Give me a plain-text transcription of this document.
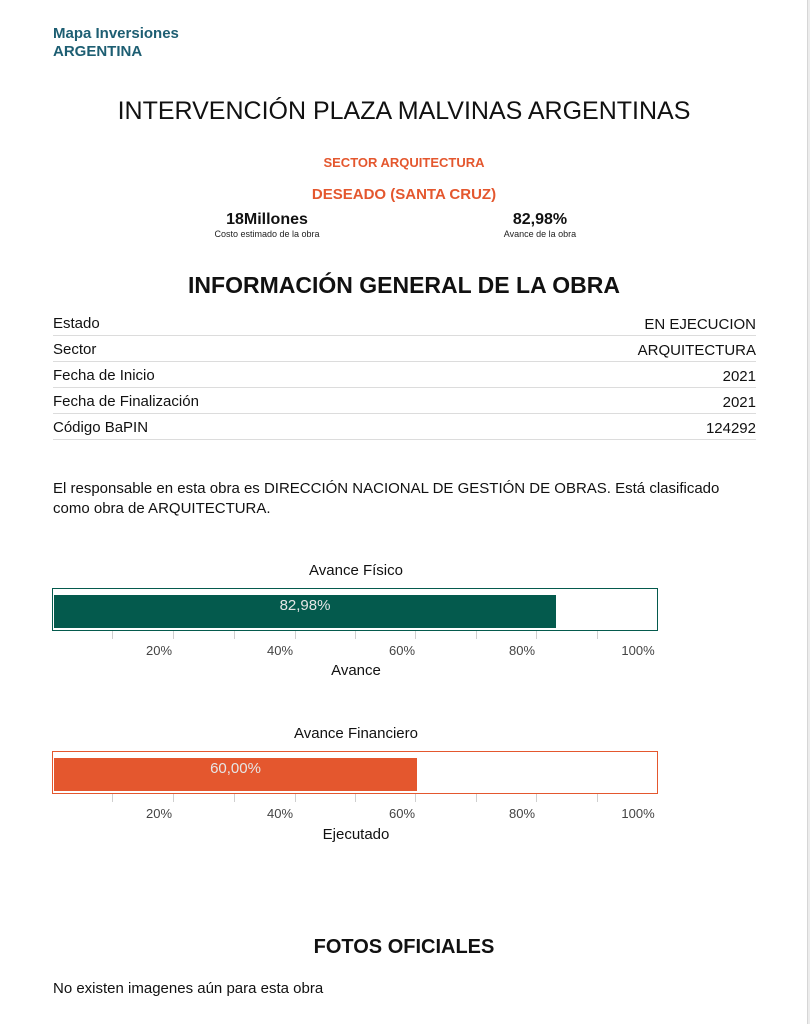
Mapa Inversiones
ARGENTINA
INTERVENCIÓN PLAZA MALVINAS ARGENTINAS
SECTOR ARQUITECTURA
DESEADO (SANTA CRUZ)
18Millones
Costo estimado de la obra
82,98%
Avance de la obra
INFORMACIÓN GENERAL DE LA OBRA
Estado	EN EJECUCION
Sector	ARQUITECTURA
Fecha de Inicio	2021
Fecha de Finalización	2021
Código BaPIN	124292
El responsable en esta obra es DIRECCIÓN NACIONAL DE GESTIÓN DE OBRAS. Está clasificado como obra de ARQUITECTURA.
Avance Físico
82,98%
20%	40%	60%	80%	100%
Avance
Avance Financiero
60,00%
20%	40%	60%	80%	100%
Ejecutado
FOTOS OFICIALES
No existen imagenes aún para esta obra
